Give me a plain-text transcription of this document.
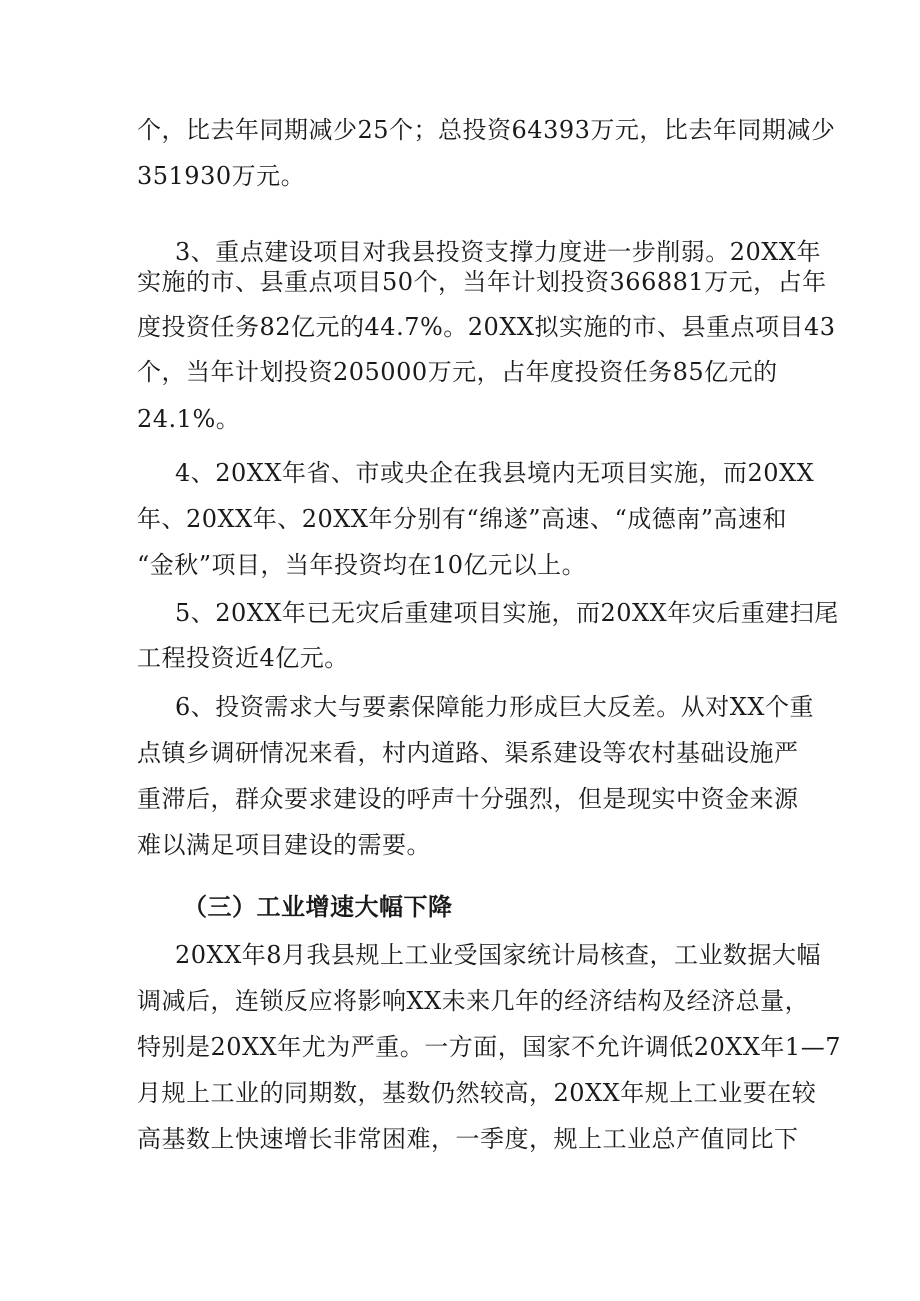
个，比去年同期减少25个；总投资64393万元，比去年同期减少
351930万元。
3、重点建设项目对我县投资支撑力度进一步削弱。20XX年
实施的市、县重点项目50个，当年计划投资366881万元，占年
度投资任务82亿元的44.7%。20XX拟实施的市、县重点项目43
个，当年计划投资205000万元，占年度投资任务85亿元的
24.1%。
4、20XX年省、市或央企在我县境内无项目实施，而20XX
年、20XX年、20XX年分别有“绵遂”高速、“成德南”高速和
“金秋”项目，当年投资均在10亿元以上。
5、20XX年已无灾后重建项目实施，而20XX年灾后重建扫尾
工程投资近4亿元。
6、投资需求大与要素保障能力形成巨大反差。从对XX个重
点镇乡调研情况来看，村内道路、渠系建设等农村基础设施严
重滞后，群众要求建设的呼声十分强烈，但是现实中资金来源
难以满足项目建设的需要。
（三）工业增速大幅下降
20XX年8月我县规上工业受国家统计局核查，工业数据大幅
调减后，连锁反应将影响XX未来几年的经济结构及经济总量，
特别是20XX年尤为严重。一方面，国家不允许调低20XX年1—7
月规上工业的同期数，基数仍然较高，20XX年规上工业要在较
高基数上快速增长非常困难，一季度，规上工业总产值同比下
